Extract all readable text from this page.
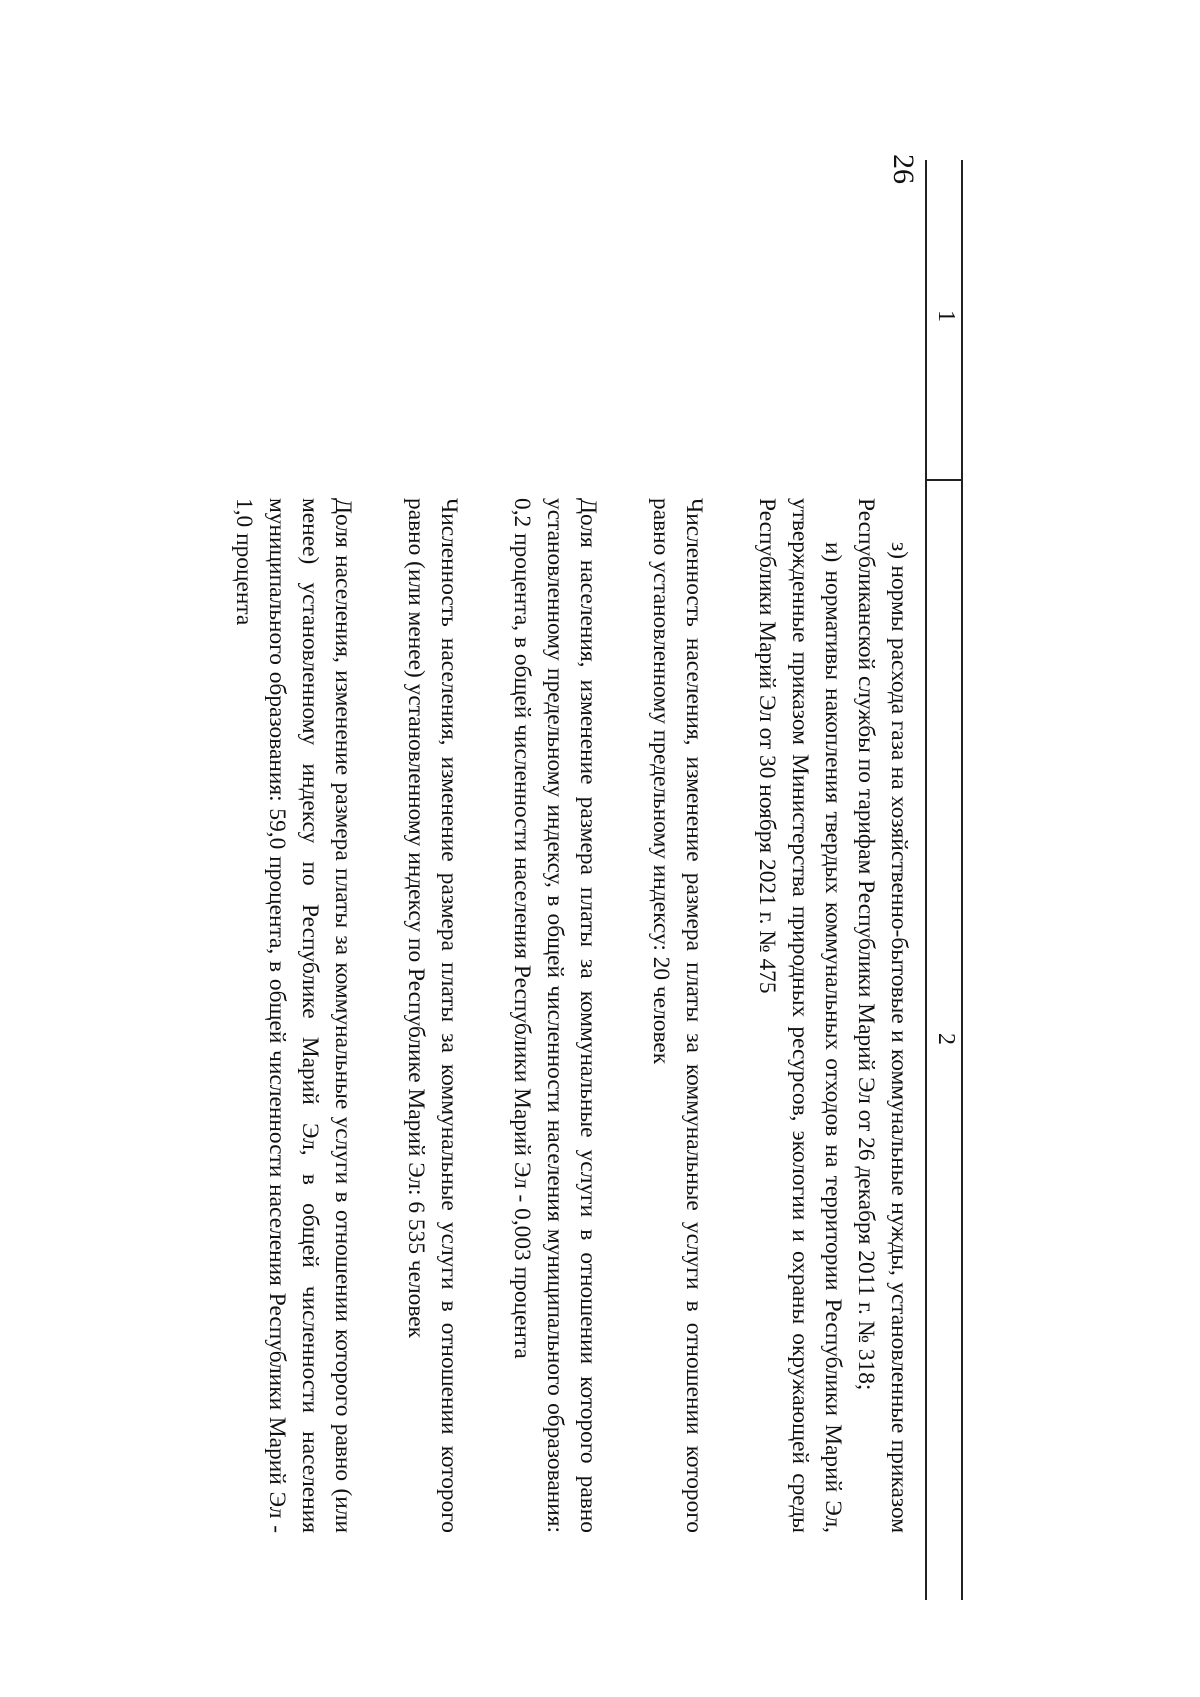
26
1
2

з) нормы расхода газа на хозяйственно-бытовые и коммунальные нужды, установленные приказом Республиканской службы по тарифам Республики Марий Эл от 26 декабря 2011 г. № 318;

и) нормативы накопления твердых коммунальных отходов на территории Республики Марий Эл, утвержденные приказом Министерства природных ресурсов, экологии и охраны окружающей среды Республики Марий Эл от 30 ноября 2021 г. № 475

Численность населения, изменение размера платы за коммунальные услуги в отношении которого равно установленному предельному индексу: 20 человек

Доля населения, изменение размера платы за коммунальные услуги в отношении которого равно установленному предельному индексу, в общей численности населения муниципального образования: 0,2 процента, в общей численности населения Республики Марий Эл - 0,003 процента

Численность населения, изменение размера платы за коммунальные услуги в отношении которого равно (или менее) установленному индексу по Республике Марий Эл: 6 535 человек

Доля населения, изменение размера платы за коммунальные услуги в отношении которого равно (или менее) установленному индексу по Республике Марий Эл, в общей численности населения муниципального образования: 59,0 процента, в общей численности населения Республики Марий Эл - 1,0 процента
